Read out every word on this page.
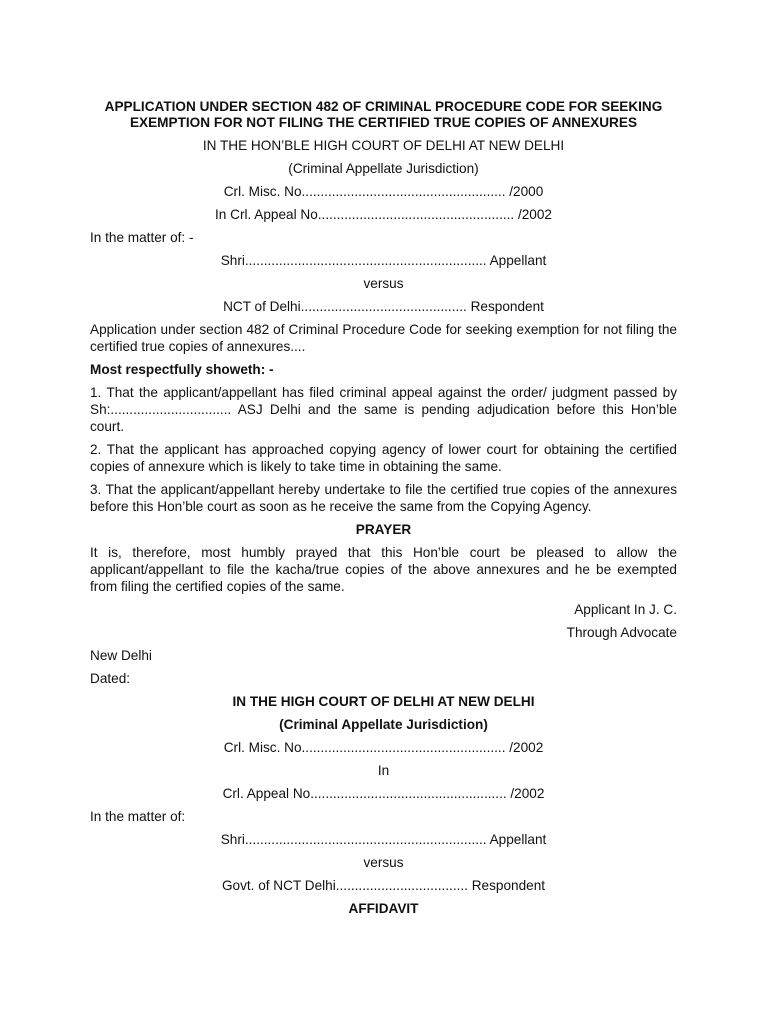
APPLICATION UNDER SECTION 482 OF CRIMINAL PROCEDURE CODE FOR SEEKING
EXEMPTION FOR NOT FILING THE CERTIFIED TRUE COPIES OF ANNEXURES
IN THE HON’BLE HIGH COURT OF DELHI AT NEW DELHI
(Criminal Appellate Jurisdiction)
Crl. Misc. No...................................................... /2000
In Crl. Appeal No.................................................... /2002
In the matter of: -
Shri................................................................ Appellant
versus
NCT of Delhi............................................ Respondent
Application under section 482 of Criminal Procedure Code for seeking exemption for not filing the certified true copies of annexures....
Most respectfully showeth: -
1. That the applicant/appellant has filed criminal appeal against the order/ judgment passed by Sh:................................ ASJ Delhi and the same is pending adjudication before this Hon’ble court.
2. That the applicant has approached copying agency of lower court for obtaining the certified copies of annexure which is likely to take time in obtaining the same.
3. That the applicant/appellant hereby undertake to file the certified true copies of the annexures before this Hon’ble court as soon as he receive the same from the Copying Agency.
PRAYER
It is, therefore, most humbly prayed that this Hon’ble court be pleased to allow the applicant/appellant to file the kacha/true copies of the above annexures and he be exempted from filing the certified copies of the same.
Applicant In J. C.
Through Advocate
New Delhi
Dated:
IN THE HIGH COURT OF DELHI AT NEW DELHI
(Criminal Appellate Jurisdiction)
Crl. Misc. No...................................................... /2002
In
Crl. Appeal No.................................................... /2002
In the matter of:
Shri................................................................ Appellant
versus
Govt. of NCT Delhi................................... Respondent
AFFIDAVIT
